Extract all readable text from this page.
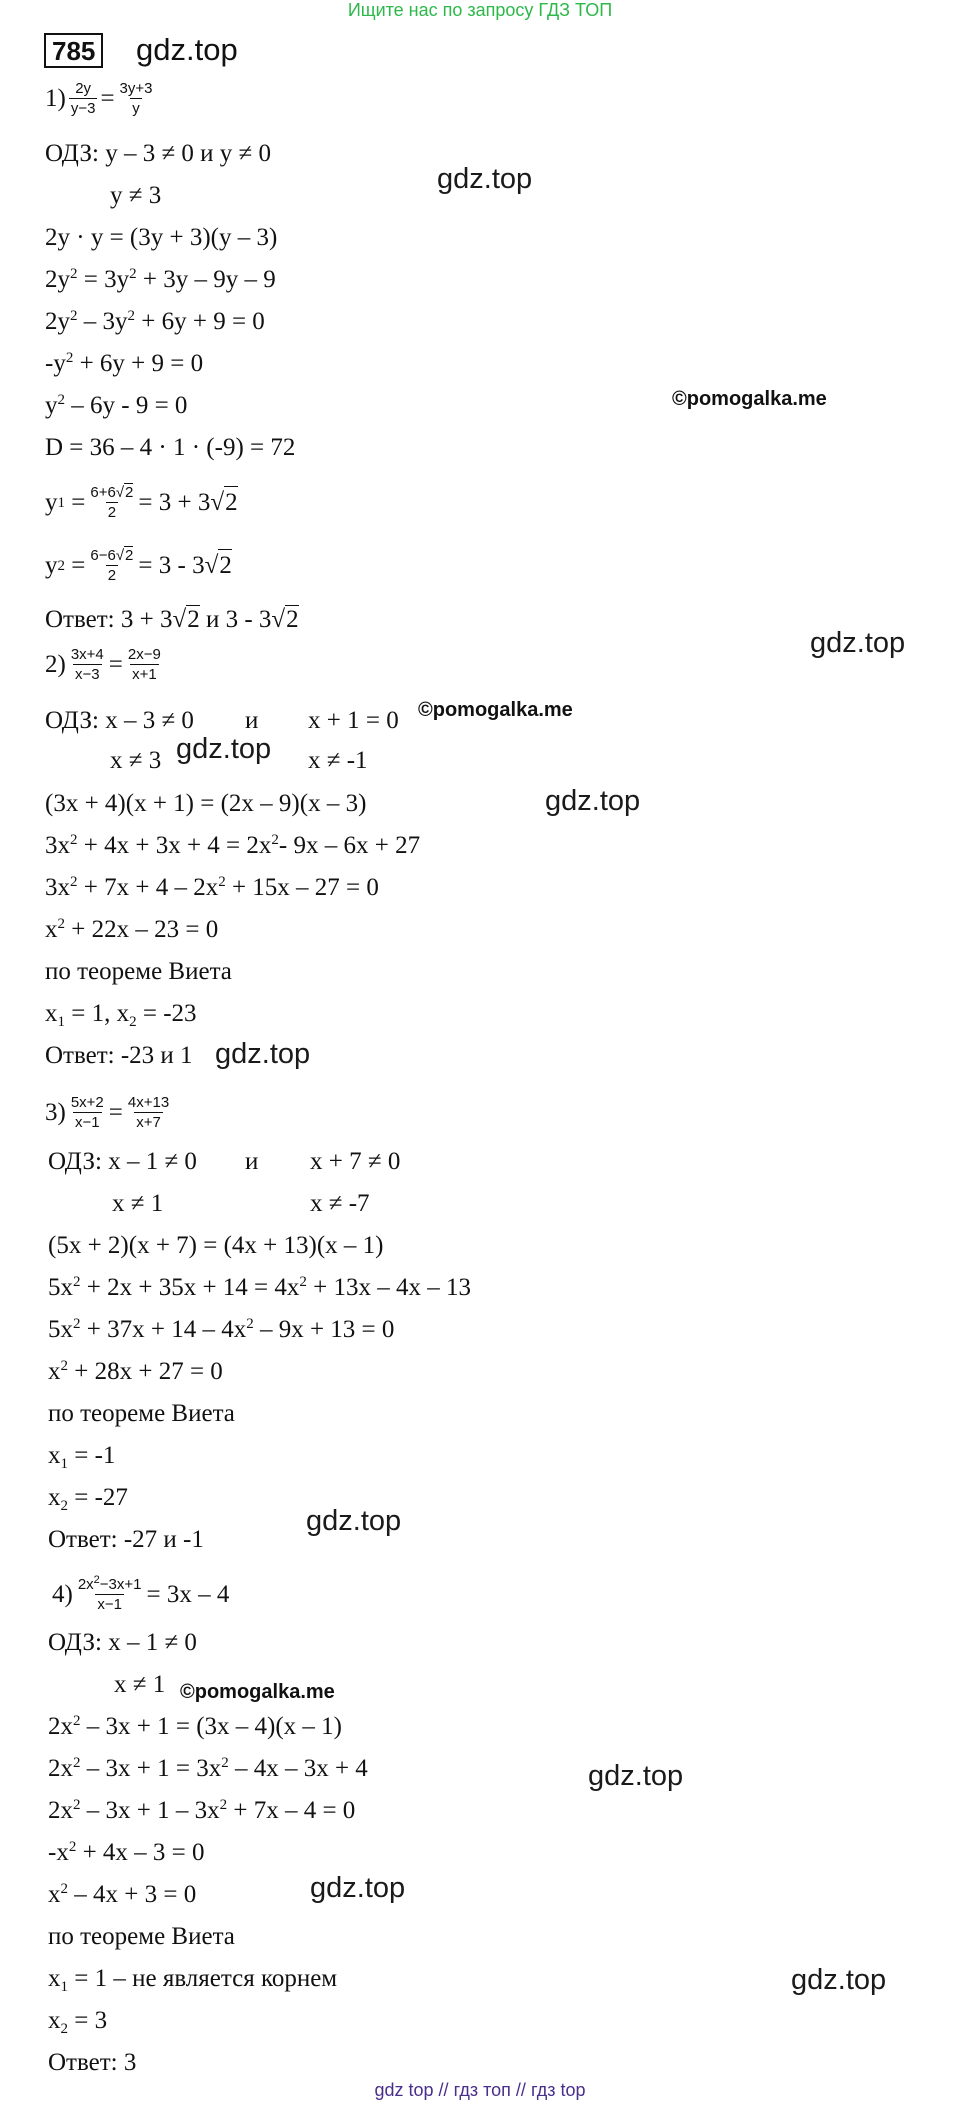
Ищите нас по запросу ГДЗ ТОП
785 gdz.top
gdz.top
gdz.top
gdz.top
gdz.top
gdz.top
gdz.top
gdz.top
gdz.top
gdz.top
©pomogalka.me
©pomogalka.me
©pomogalka.me
$1) \frac{2y}{y-3} = \frac{3y+3}{y}$
ОДЗ: y – 3 ≠ 0 и y ≠ 0
y ≠ 3
2y · y = (3y + 3)(y – 3)
$2y^2 = 3y^2 + 3y - 9y - 9$
$2y^2 - 3y^2 + 6y + 9 = 0$
$-y^2 + 6y + 9 = 0$
$y^2 - 6y - 9 = 0$
D = 36 – 4 · 1 · (-9) = 72
y $1 = \frac{6+6√2}{2} = 3 + 3$ √ 2
y $2 = \frac{6-6√2}{2} = 3 - 3$ √ 2
Ответ: 3 + 3√2 и 3 - 3√2
$2) \frac{3x+4}{x-3} = \frac{2x-9}{x+1}$
ОДЗ: x – 3 ≠ 0 и x + 1 = 0
x ≠ 3	x ≠ -1
(3x + 4)(x + 1) = (2x – 9)(x – 3)
$3x^2 + 4x + 3x + 4 = 2x^2-$ 9x – 6x + 27
$3x^2 + 7x + 4 - 2x^2 + 15x - 27 = 0$
$x^2 + 22x - 23 = 0$
по теореме Виета
$x_1 = 1$, $x_2 = -23$
Ответ: -23 и 1
$3) \frac{5x+2}{x-1} = \frac{4x+13}{x+7}$
ОДЗ: x – 1 ≠ 0 и x + 7 ≠ 0
x ≠ 1	x ≠ -7
(5x + 2)(x + 7) = (4x + 13)(x – 1)
$5x^2 + 2x + 35x + 14 = 4x^2 + 13x - 4x - 13$
$5x^2 + 37x + 14 - 4x^2 - 9x + 13 = 0$
$x^2 + 28x + 27 = 0$
по теореме Виета
$x_1 = -1$
$x_2 = -27$
Ответ: -27 и -1
$4) \frac{2x^2-3x+1}{x-1} = 3x - 4$
ОДЗ: x – 1 ≠ 0
x ≠ 1
$2x^2 - 3x + 1 = (3x - 4)(x - 1)$
$2x^2 - 3x + 1 = 3x^2 - 4x - 3x + 4$
$2x^2 - 3x + 1 - 3x^2 + 7x - 4 = 0$
$-x^2 + 4x - 3 = 0$
$x^2 - 4x + 3 = 0$
по теореме Виета
$x_1 = 1$ – не является корнем
$x_2 = 3$
Ответ: 3
gdz top // гдз топ // гдз top
